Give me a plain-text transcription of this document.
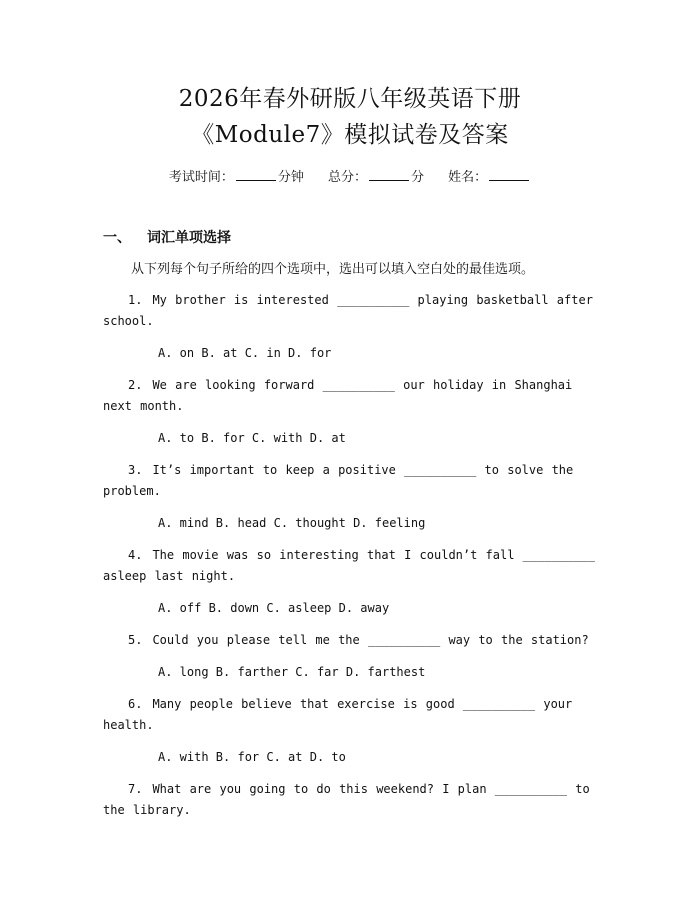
2026年春外研版八年级英语下册
《Module7》模拟试卷及答案
考试时间：	分钟 总分：	分 姓名：
一、 词汇单项选择
从下列每个句子所给的四个选项中，选出可以填入空白处的最佳选项。

1. My brother is interested __________ playing basketball after school.

A. on B. at C. in D. for

2. We are looking forward __________ our holiday in Shanghai next month.

A. to B. for C. with D. at

3. It’s important to keep a positive __________ to solve the problem.

A. mind B. head C. thought D. feeling

4. The movie was so interesting that I couldn’t fall __________ asleep last night.

A. off B. down C. asleep D. away

5. Could you please tell me the __________ way to the station?

A. long B. farther C. far D. farthest

6. Many people believe that exercise is good __________ your health.

A. with B. for C. at D. to

7. What are you going to do this weekend? I plan __________ to the library.
